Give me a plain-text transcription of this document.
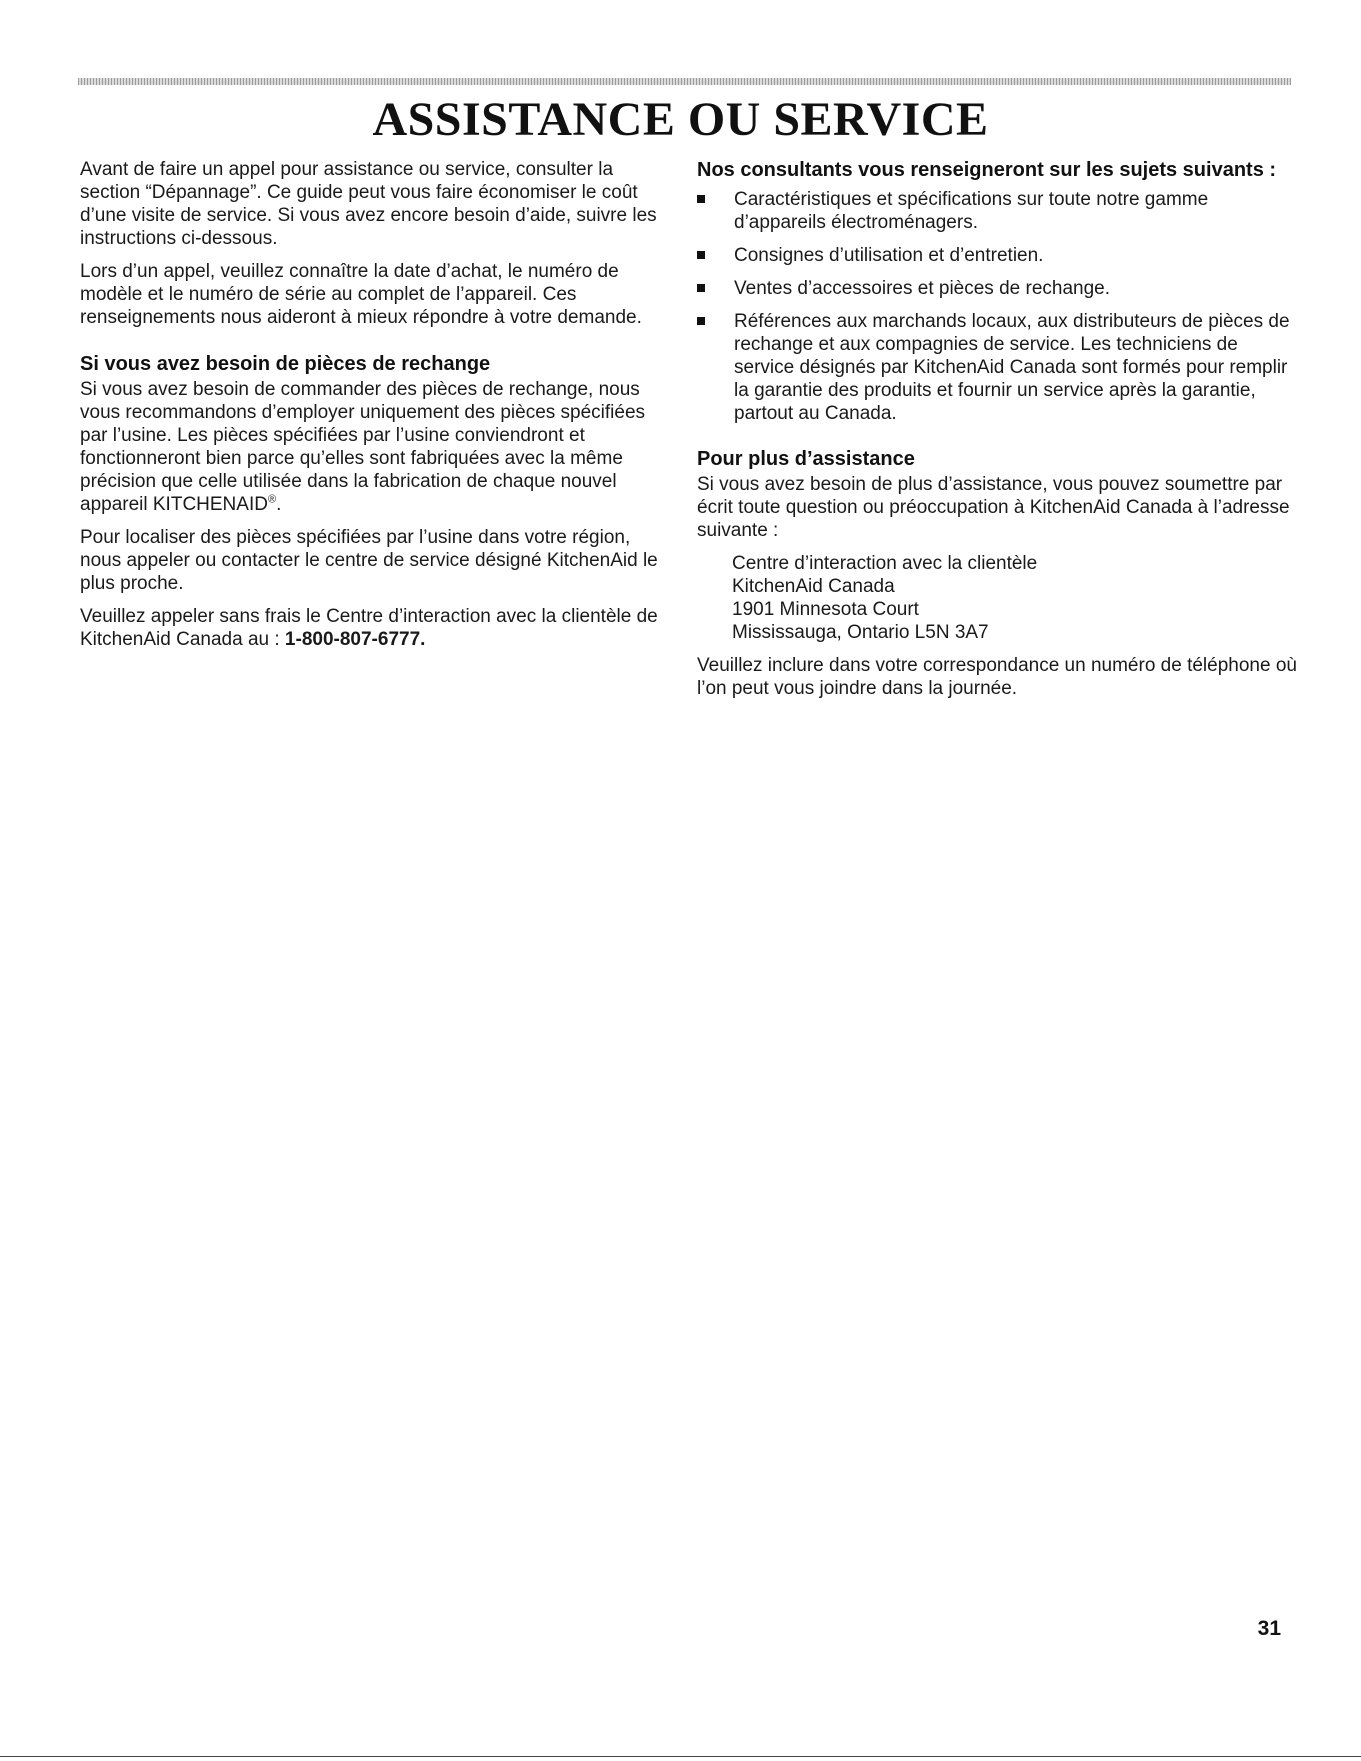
ASSISTANCE OU SERVICE

Avant de faire un appel pour assistance ou service, consulter la section “Dépannage”. Ce guide peut vous faire économiser le coût d’une visite de service. Si vous avez encore besoin d’aide, suivre les instructions ci-dessous.

Lors d’un appel, veuillez connaître la date d’achat, le numéro de modèle et le numéro de série au complet de l’appareil. Ces renseignements nous aideront à mieux répondre à votre demande.

Si vous avez besoin de pièces de rechange

Si vous avez besoin de commander des pièces de rechange, nous vous recommandons d’employer uniquement des pièces spécifiées par l’usine. Les pièces spécifiées par l’usine conviendront et fonctionneront bien parce qu’elles sont fabriquées avec la même précision que celle utilisée dans la fabrication de chaque nouvel appareil KITCHENAID®.

Pour localiser des pièces spécifiées par l’usine dans votre région, nous appeler ou contacter le centre de service désigné KitchenAid le plus proche.

Veuillez appeler sans frais le Centre d’interaction avec la clientèle de KitchenAid Canada au : 1-800-807-6777.

Nos consultants vous renseigneront sur les sujets suivants :
Caractéristiques et spécifications sur toute notre gamme d’appareils électroménagers.
Consignes d’utilisation et d’entretien.
Ventes d’accessoires et pièces de rechange.
Références aux marchands locaux, aux distributeurs de pièces de rechange et aux compagnies de service. Les techniciens de service désignés par KitchenAid Canada sont formés pour remplir la garantie des produits et fournir un service après la garantie, partout au Canada.
Pour plus d’assistance

Si vous avez besoin de plus d’assistance, vous pouvez soumettre par écrit toute question ou préoccupation à KitchenAid Canada à l’adresse suivante :

Centre d’interaction avec la clientèle
KitchenAid Canada
1901 Minnesota Court
Mississauga, Ontario L5N 3A7

Veuillez inclure dans votre correspondance un numéro de téléphone où l’on peut vous joindre dans la journée.

31
